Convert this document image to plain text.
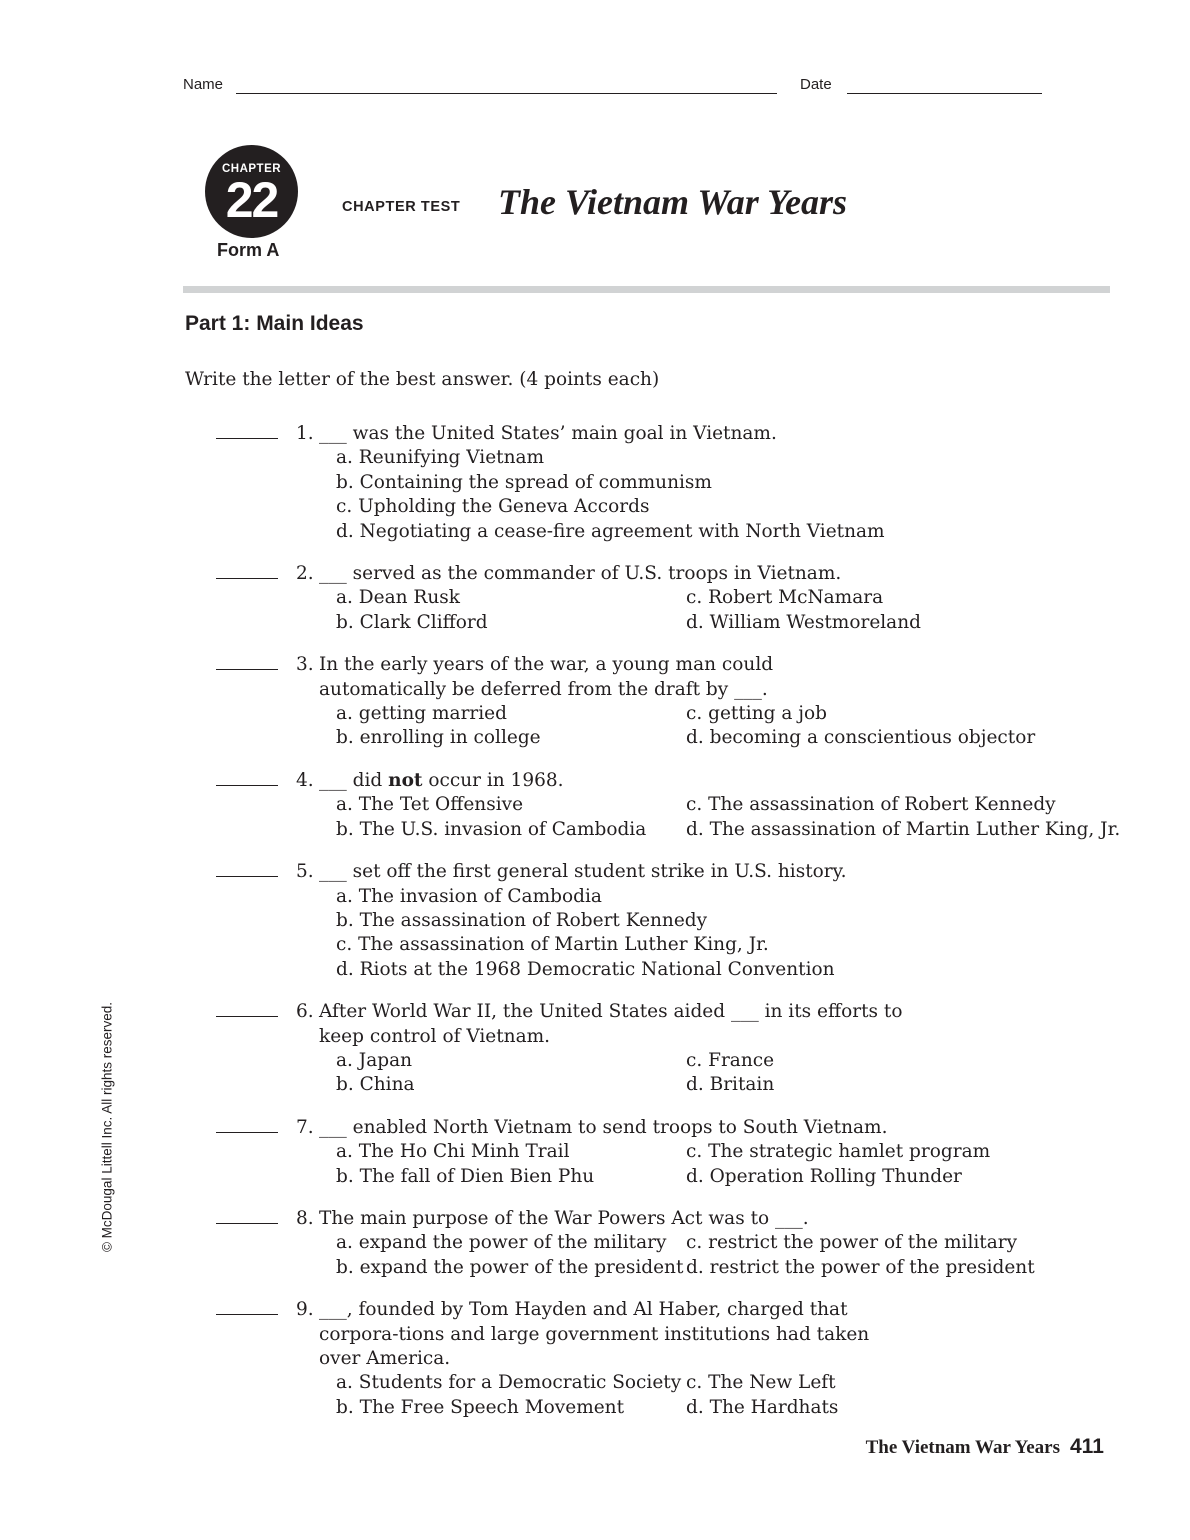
Name	Date
CHAPTER
22
Form A
CHAPTER TEST The Vietnam War Years
Part 1: Main Ideas
Write the letter of the best answer. (4 points each)
1. ___ was the United States’ main goal in Vietnam.
a. Reunifying Vietnam
b. Containing the spread of communism
c. Upholding the Geneva Accords
d. Negotiating a cease-fire agreement with North Vietnam
2. ___ served as the commander of U.S. troops in Vietnam.
a. Dean Rusk	c. Robert McNamara
b. Clark Clifford	d. William Westmoreland
3. In the early years of the war, a young man could automatically be deferred from the draft by ___.
a. getting married	c. getting a job
b. enrolling in college	d. becoming a conscientious objector
4. ___ did not occur in 1968.
a. The Tet Offensive	c. The assassination of Robert Kennedy
b. The U.S. invasion of Cambodia	d. The assassination of Martin Luther King, Jr.
5. ___ set off the first general student strike in U.S. history.
a. The invasion of Cambodia
b. The assassination of Robert Kennedy
c. The assassination of Martin Luther King, Jr.
d. Riots at the 1968 Democratic National Convention
6. After World War II, the United States aided ___ in its efforts to keep control of Vietnam.
a. Japan	c. France
b. China	d. Britain
7. ___ enabled North Vietnam to send troops to South Vietnam.
a. The Ho Chi Minh Trail	c. The strategic hamlet program
b. The fall of Dien Bien Phu	d. Operation Rolling Thunder
8. The main purpose of the War Powers Act was to ___.
a. expand the power of the military	c. restrict the power of the military
b. expand the power of the president d. restrict the power of the president
9. ___, founded by Tom Hayden and Al Haber, charged that corpora-tions and large government institutions had taken over America.
a. Students for a Democratic Society c. The New Left
b. The Free Speech Movement	d. The Hardhats
© McDougal Littell Inc. All rights reserved.
The Vietnam War Years 411
